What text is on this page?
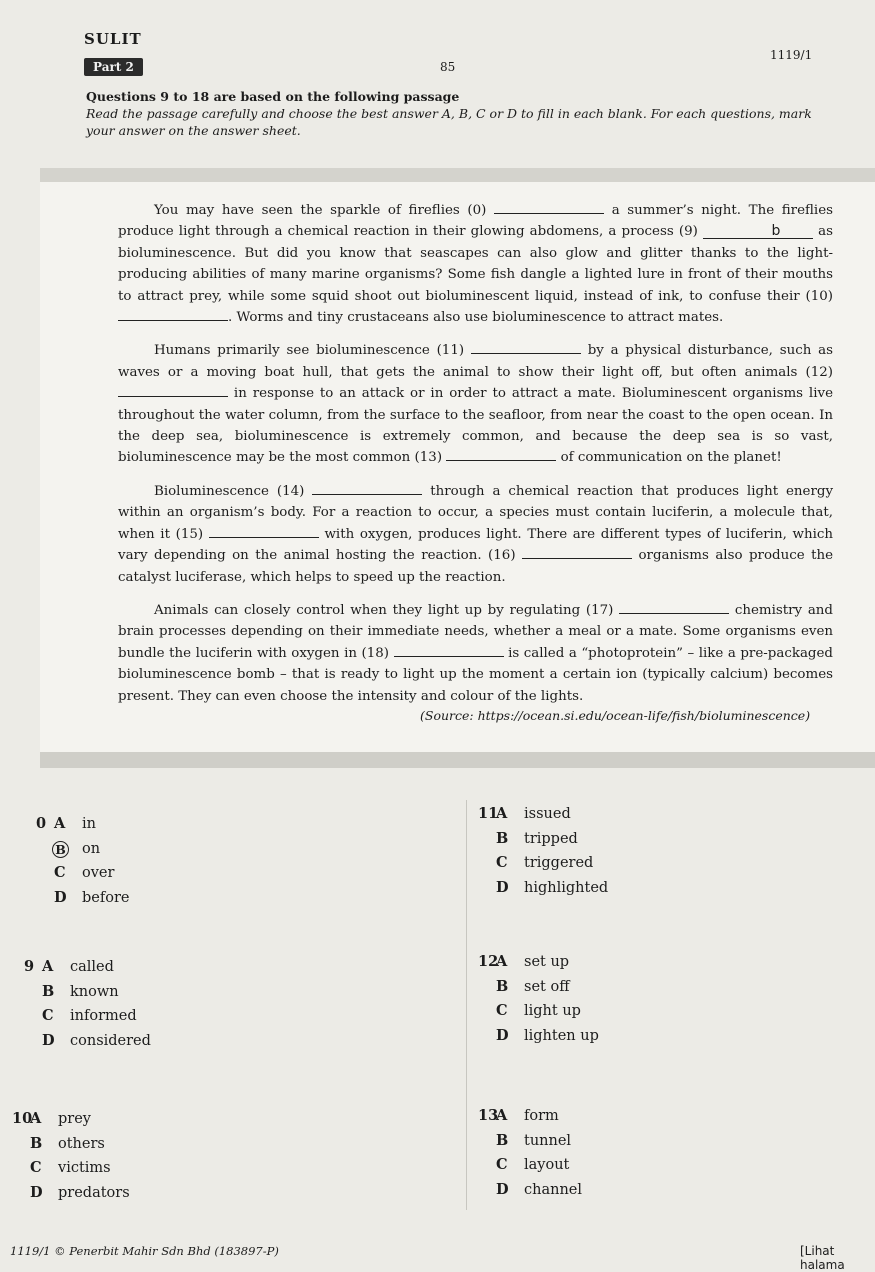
SULIT
Part 2	85
1119/1
Questions 9 to 18 are based on the following passage
Read the passage carefully and choose the best answer A, B, C or D to fill in each blank. For each questions, mark your answer on the answer sheet.

You may have seen the sparkle of fireflies (0)	a summer’s night. The fireflies produce light through a chemical reaction in their glowing abdomens, a process (9)	b	as bioluminescence. But did you know that seascapes can also glow and glitter thanks to the light-producing abilities of many marine organisms? Some fish dangle a lighted lure in front of their mouths to attract prey, while some squid shoot out bioluminescent liquid, instead of ink, to confuse their (10) . Worms and tiny crustaceans also use bioluminescence to attract mates.

Humans primarily see bioluminescence (11)	by a physical disturbance, such as waves or a moving boat hull, that gets the animal to show their light off, but often animals (12)  in response to an attack or in order to attract a mate. Bioluminescent organisms live throughout the water column, from the surface to the seafloor, from near the coast to the open ocean. In the deep sea, bioluminescence is extremely common, and because the deep sea is so vast, bioluminescence may be the most common (13)	of communication on the planet!

Bioluminescence (14)	through a chemical reaction that produces light energy within an organism’s body. For a reaction to occur, a species must contain luciferin, a molecule that, when it (15)	with oxygen, produces light. There are different types of luciferin, which vary depending on the animal hosting the reaction. (16)	organisms also produce the catalyst luciferase, which helps to speed up the reaction.

Animals can closely control when they light up by regulating (17)	chemistry and brain processes depending on their immediate needs, whether a meal or a mate. Some organisms even bundle the luciferin with oxygen in (18)	is called a “photoprotein” – like a pre-packaged bioluminescence bomb – that is ready to light up the moment a certain ion (typically calcium) becomes present. They can even choose the intensity and colour of the lights.

(Source: https://ocean.si.edu/ocean-life/fish/bioluminescence)
0 A in
B on
C over
D before
9 A called
B known
C informed
D considered
10
A prey
B others
C victims
D predators
11
A issued
B tripped
C triggered
D highlighted
12
A set up
B set off
C light up
D lighten up
13
A form
B tunnel
C layout
D channel
1119/1 © Penerbit Mahir Sdn Bhd (183897-P)	[Lihat halama
